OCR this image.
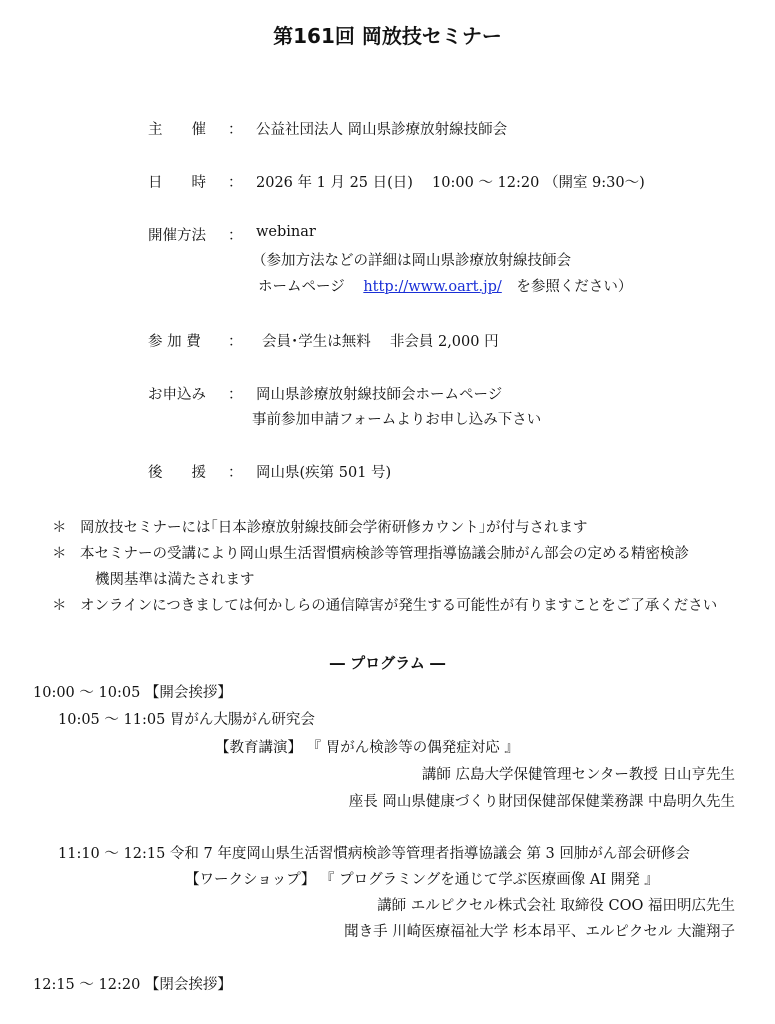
第161回 岡放技セミナー
主　　催 ： 公益社団法人 岡山県診療放射線技師会
日　　時 ： 2026 年 1 月 25 日(日)　 10:00 ～ 12:20 （開室 9:30～)
開催方法 ： webinar
（参加方法などの詳細は岡山県診療放射線技師会
ホームページ http://www.oart.jp/ を参照ください）
参 加 費 ： 会員･学生は無料　 非会員 2,000 円
お申込み ： 岡山県診療放射線技師会ホームページ
事前参加申請フォームよりお申し込み下さい
後　　援 ： 岡山県(疾第 501 号)
＊ 岡放技セミナーには｢日本診療放射線技師会学術研修カウント｣が付与されます
＊ 本セミナーの受講により岡山県生活習慣病検診等管理指導協議会肺がん部会の定める精密検診
機関基準は満たされます
＊ オンラインにつきましては何かしらの通信障害が発生する可能性が有りますことをご了承ください
― プログラム ―
10:00 ～ 10:05 【開会挨拶】
10:05 ～ 11:05 胃がん大腸がん研究会
【教育講演】 『 胃がん検診等の偶発症対応 』
講師 広島大学保健管理センター教授 日山亨先生
座長 岡山県健康づくり財団保健部保健業務課 中島明久先生
11:10 ～ 12:15 令和 7 年度岡山県生活習慣病検診等管理者指導協議会 第 3 回肺がん部会研修会
【ワークショップ】 『 プログラミングを通じて学ぶ医療画像 AI 開発 』
講師 エルピクセル株式会社 取締役 COO 福田明広先生
聞き手 川崎医療福祉大学 杉本昂平、エルピクセル 大瀧翔子
12:15 ～ 12:20 【閉会挨拶】
